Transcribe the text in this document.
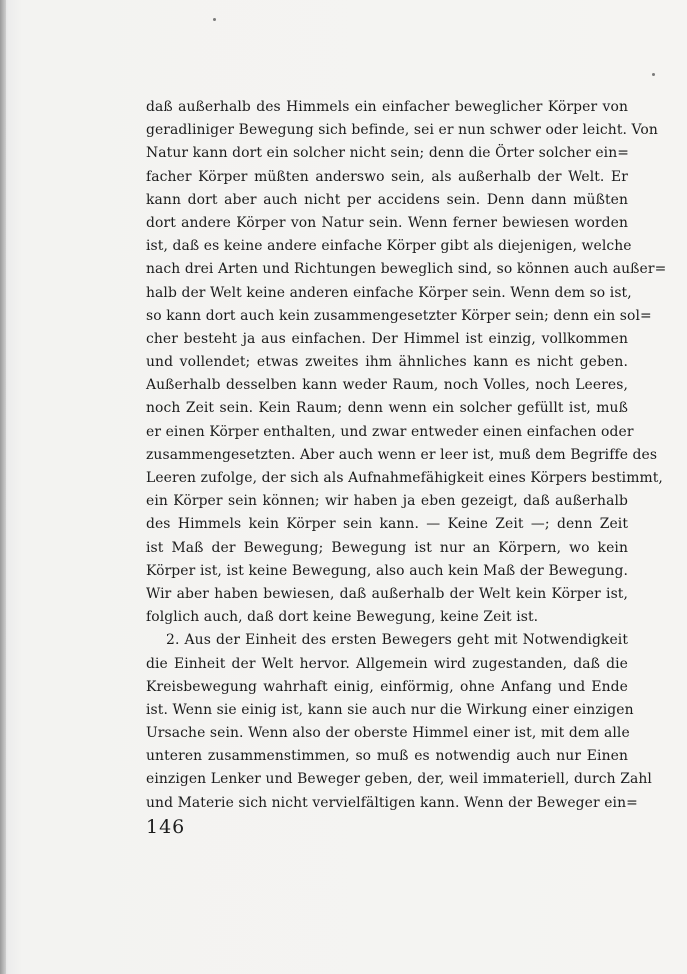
daß außerhalb des Himmels ein einfacher beweglicher Körper von
geradliniger Bewegung sich befinde, sei er nun schwer oder leicht. Von
Natur kann dort ein solcher nicht sein; denn die Örter solcher ein=
facher Körper müßten anderswo sein, als außerhalb der Welt. Er
kann dort aber auch nicht per accidens sein. Denn dann müßten
dort andere Körper von Natur sein. Wenn ferner bewiesen worden
ist, daß es keine andere einfache Körper gibt als diejenigen, welche
nach drei Arten und Richtungen beweglich sind, so können auch außer=
halb der Welt keine anderen einfache Körper sein. Wenn dem so ist,
so kann dort auch kein zusammengesetzter Körper sein; denn ein sol=
cher besteht ja aus einfachen. Der Himmel ist einzig, vollkommen
und vollendet; etwas zweites ihm ähnliches kann es nicht geben.
Außerhalb desselben kann weder Raum, noch Volles, noch Leeres,
noch Zeit sein. Kein Raum; denn wenn ein solcher gefüllt ist, muß
er einen Körper enthalten, und zwar entweder einen einfachen oder
zusammengesetzten. Aber auch wenn er leer ist, muß dem Begriffe des
Leeren zufolge, der sich als Aufnahmefähigkeit eines Körpers bestimmt,
ein Körper sein können; wir haben ja eben gezeigt, daß außerhalb
des Himmels kein Körper sein kann. — Keine Zeit —; denn Zeit
ist Maß der Bewegung; Bewegung ist nur an Körpern, wo kein
Körper ist, ist keine Bewegung, also auch kein Maß der Bewegung.
Wir aber haben bewiesen, daß außerhalb der Welt kein Körper ist,
folglich auch, daß dort keine Bewegung, keine Zeit ist.
2. Aus der Einheit des ersten Bewegers geht mit Notwendigkeit
die Einheit der Welt hervor. Allgemein wird zugestanden, daß die
Kreisbewegung wahrhaft einig, einförmig, ohne Anfang und Ende
ist. Wenn sie einig ist, kann sie auch nur die Wirkung einer einzigen
Ursache sein. Wenn also der oberste Himmel einer ist, mit dem alle
unteren zusammenstimmen, so muß es notwendig auch nur Einen
einzigen Lenker und Beweger geben, der, weil immateriell, durch Zahl
und Materie sich nicht vervielfältigen kann. Wenn der Beweger ein=
146
